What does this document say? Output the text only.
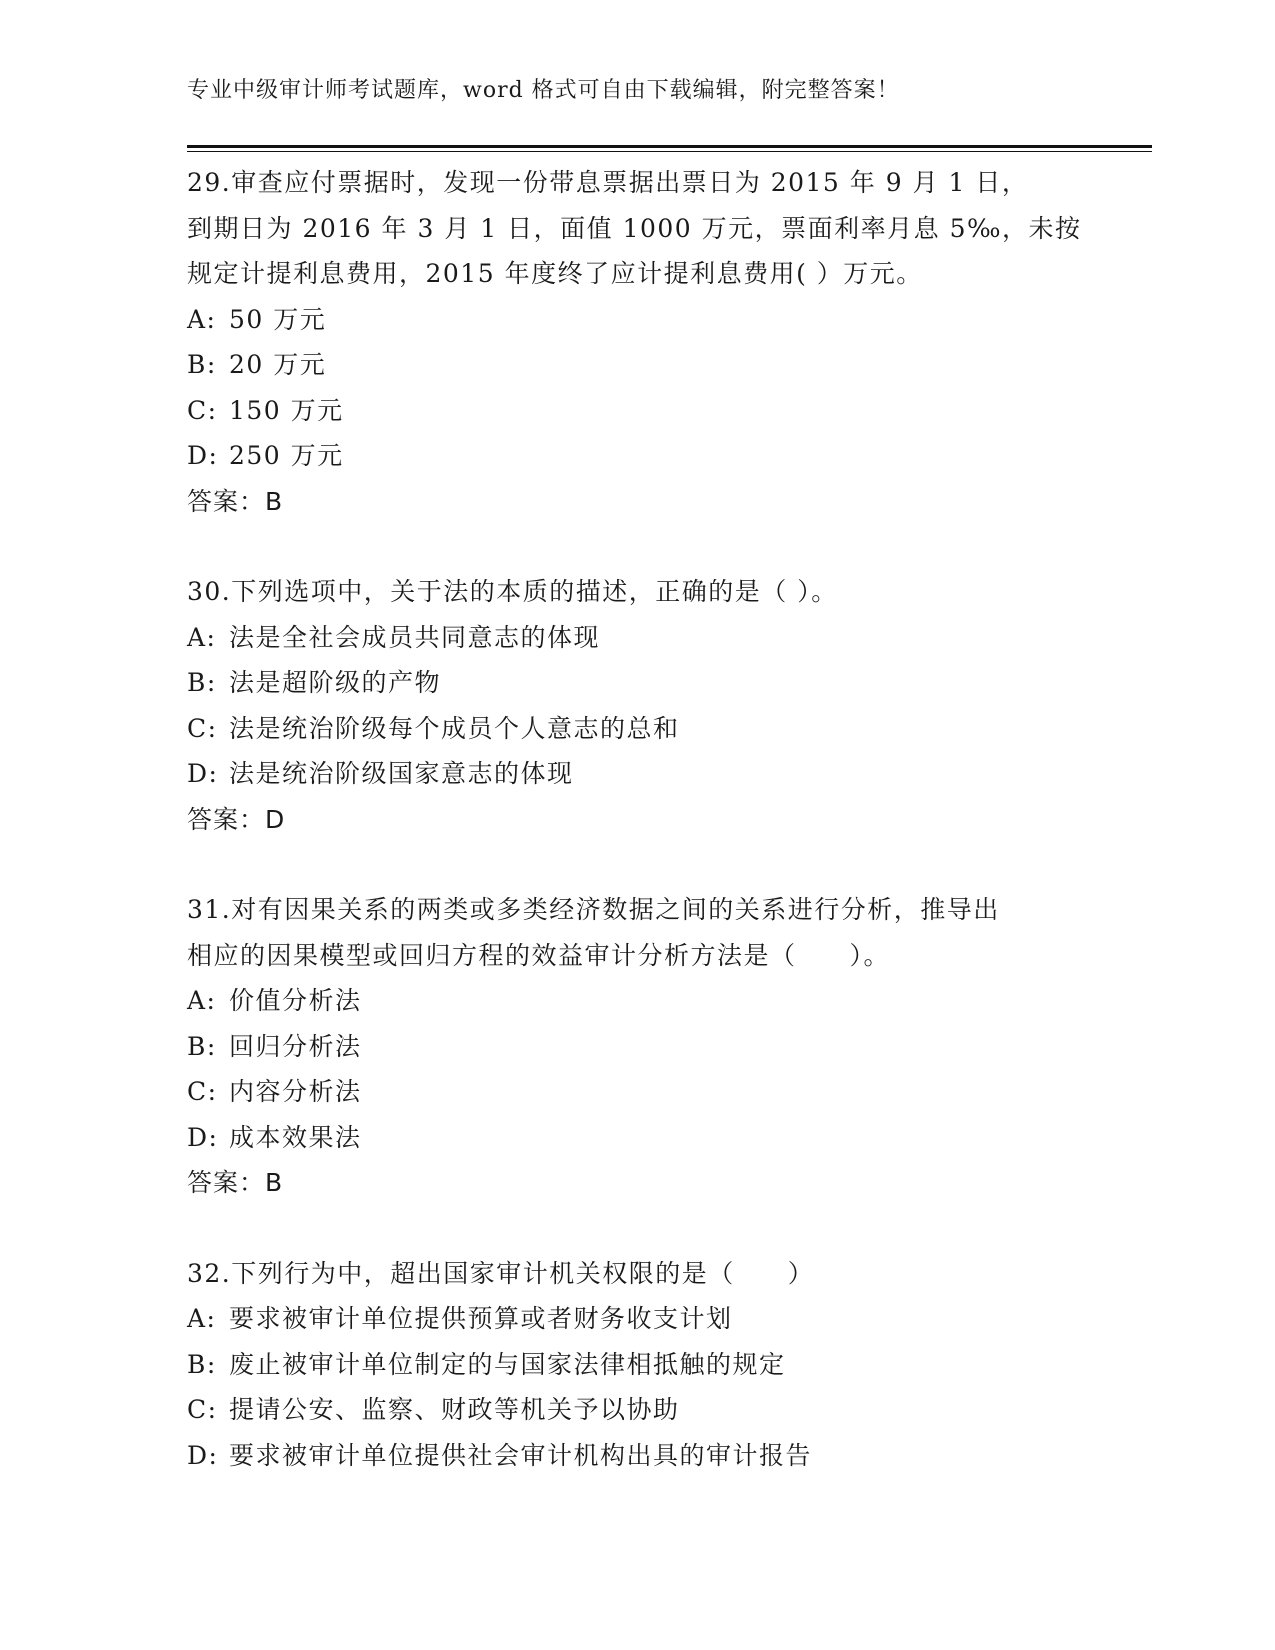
专业中级审计师考试题库，word 格式可自由下载编辑，附完整答案！
29.审查应付票据时，发现一份带息票据出票日为 2015 年 9 月 1 日，
到期日为 2016 年 3 月 1 日，面值 1000 万元，票面利率月息 5‰，未按
规定计提利息费用，2015 年度终了应计提利息费用( ）万元。
A: 50 万元
B: 20 万元
C: 150 万元
D: 250 万元
答案：B
30.下列选项中，关于法的本质的描述，正确的是（ ）。
A: 法是全社会成员共同意志的体现
B: 法是超阶级的产物
C: 法是统治阶级每个成员个人意志的总和
D: 法是统治阶级国家意志的体现
答案：D
31.对有因果关系的两类或多类经济数据之间的关系进行分析，推导出
相应的因果模型或回归方程的效益审计分析方法是（　　）。
A: 价值分析法
B: 回归分析法
C: 内容分析法
D: 成本效果法
答案：B
32.下列行为中，超出国家审计机关权限的是（　　）
A: 要求被审计单位提供预算或者财务收支计划
B: 废止被审计单位制定的与国家法律相抵触的规定
C: 提请公安、监察、财政等机关予以协助
D: 要求被审计单位提供社会审计机构出具的审计报告
